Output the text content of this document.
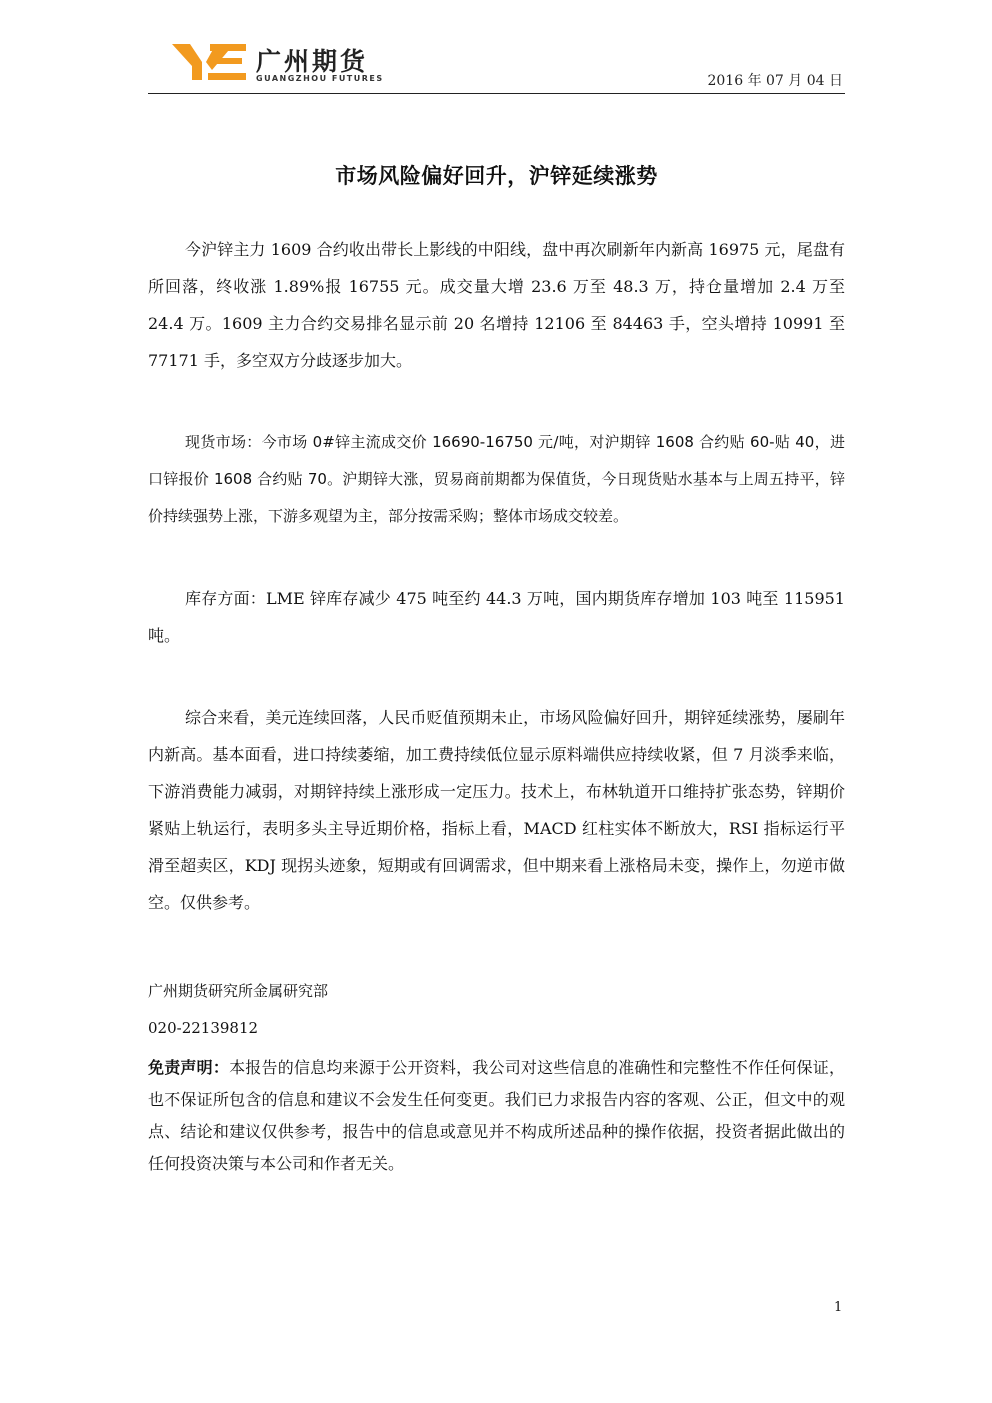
广州期货
GUANGZHOU FUTURES	2016 年 07 月 04 日
市场风险偏好回升，沪锌延续涨势

今沪锌主力 1609 合约收出带长上影线的中阳线，盘中再次刷新年内新高 16975 元，尾盘有所回落，终收涨 1.89%报 16755 元。成交量大增 23.6 万至 48.3 万，持仓量增加 2.4 万至 24.4 万。1609 主力合约交易排名显示前 20 名增持 12106 至 84463 手，空头增持 10991 至 77171 手，多空双方分歧逐步加大。

现货市场：今市场 0#锌主流成交价 16690-16750 元/吨，对沪期锌 1608 合约贴 60-贴 40，进口锌报价 1608 合约贴 70。沪期锌大涨，贸易商前期都为保值货，今日现货贴水基本与上周五持平，锌价持续强势上涨，下游多观望为主，部分按需采购；整体市场成交较差。

库存方面：LME 锌库存减少 475 吨至约 44.3 万吨，国内期货库存增加 103 吨至 115951 吨。

综合来看，美元连续回落，人民币贬值预期未止，市场风险偏好回升，期锌延续涨势，屡刷年内新高。基本面看，进口持续萎缩，加工费持续低位显示原料端供应持续收紧，但 7 月淡季来临，下游消费能力减弱，对期锌持续上涨形成一定压力。技术上，布林轨道开口维持扩张态势，锌期价紧贴上轨运行，表明多头主导近期价格，指标上看，MACD 红柱实体不断放大，RSI 指标运行平滑至超卖区，KDJ 现拐头迹象，短期或有回调需求，但中期来看上涨格局未变，操作上，勿逆市做空。仅供参考。

广州期货研究所金属研究部
020-22139812

免责声明：本报告的信息均来源于公开资料，我公司对这些信息的准确性和完整性不作任何保证，也不保证所包含的信息和建议不会发生任何变更。我们已力求报告内容的客观、公正，但文中的观点、结论和建议仅供参考，报告中的信息或意见并不构成所述品种的操作依据，投资者据此做出的任何投资决策与本公司和作者无关。

1
